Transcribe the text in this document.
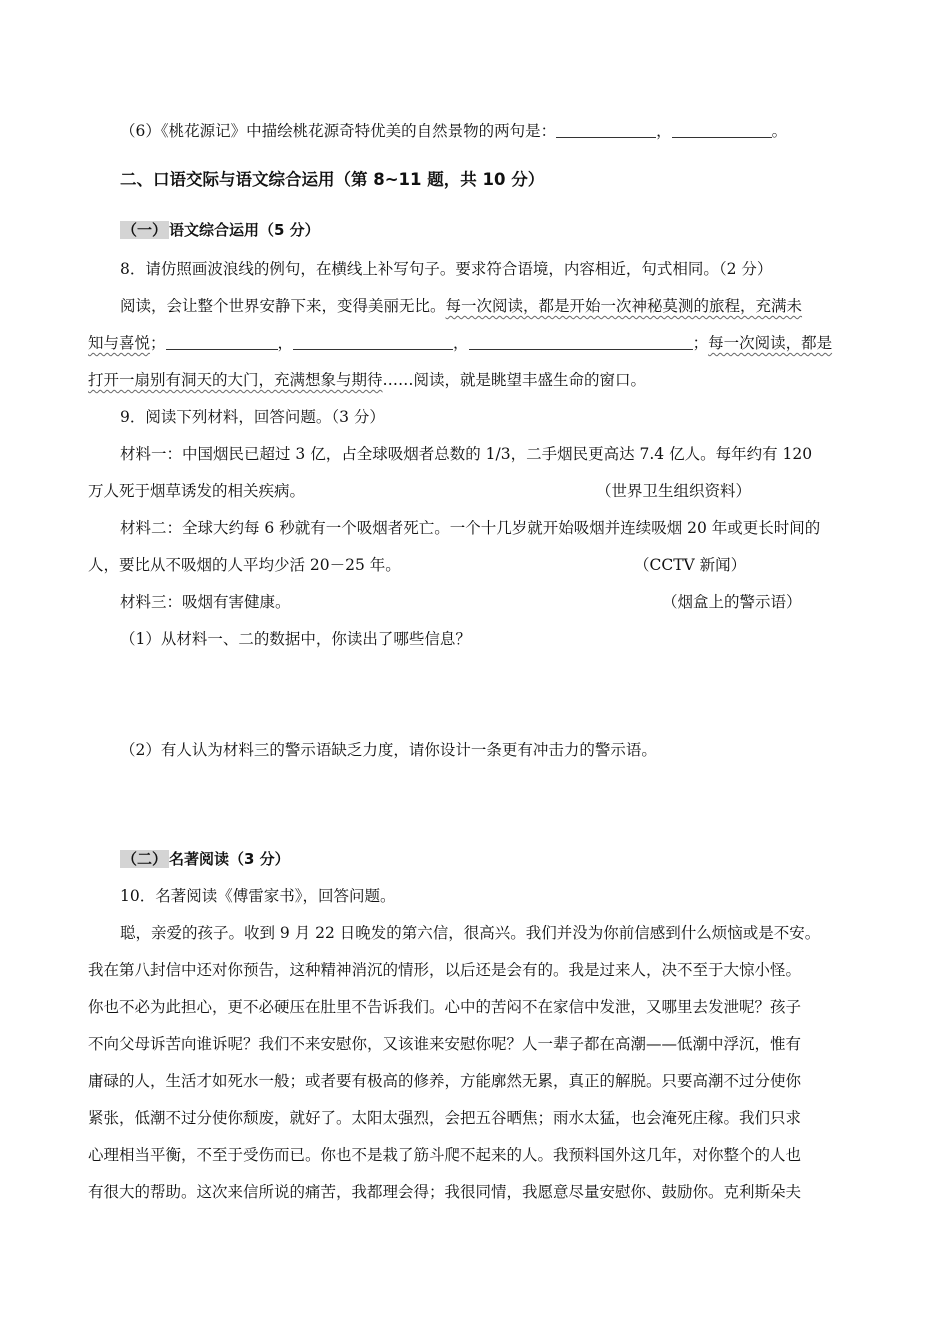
（6）《桃花源记》中描绘桃花源奇特优美的自然景物的两句是：	，	。
二、口语交际与语文综合运用（第 8~11 题，共 10 分）
（一） 语文综合运用（5 分）
8．请仿照画波浪线的例句，在横线上补写句子。要求符合语境，内容相近，句式相同。（2 分）
阅读，会让整个世界安静下来，变得美丽无比。每一次阅读，都是开始一次神秘莫测的旅程，充满未
知与喜悦；	，	，	；每一次阅读，都是
打开一扇别有洞天的大门，充满想象与期待……阅读，就是眺望丰盛生命的窗口。
9．阅读下列材料，回答问题。（3 分）
材料一：中国烟民已超过 3 亿，占全球吸烟者总数的 1/3，二手烟民更高达 7.4 亿人。每年约有 120
万人死于烟草诱发的相关疾病。	（世界卫生组织资料）
材料二：全球大约每 6 秒就有一个吸烟者死亡。一个十几岁就开始吸烟并连续吸烟 20 年或更长时间的
人，要比从不吸烟的人平均少活 20－25 年。	（CCTV 新闻）
材料三：吸烟有害健康。	（烟盒上的警示语）
（1）从材料一、二的数据中，你读出了哪些信息？
（2）有人认为材料三的警示语缺乏力度，请你设计一条更有冲击力的警示语。
（二） 名著阅读（3 分）
10．名著阅读《傅雷家书》，回答问题。
聪，亲爱的孩子。收到 9 月 22 日晚发的第六信，很高兴。我们并没为你前信感到什么烦恼或是不安。
我在第八封信中还对你预告，这种精神消沉的情形，以后还是会有的。我是过来人，决不至于大惊小怪。
你也不必为此担心，更不必硬压在肚里不告诉我们。心中的苦闷不在家信中发泄，又哪里去发泄呢？孩子
不向父母诉苦向谁诉呢？我们不来安慰你，又该谁来安慰你呢？人一辈子都在高潮——低潮中浮沉，惟有
庸碌的人，生活才如死水一般；或者要有极高的修养，方能廓然无累，真正的解脱。只要高潮不过分使你
紧张，低潮不过分使你颓废，就好了。太阳太强烈，会把五谷晒焦；雨水太猛，也会淹死庄稼。我们只求
心理相当平衡，不至于受伤而已。你也不是栽了筋斗爬不起来的人。我预料国外这几年，对你整个的人也
有很大的帮助。这次来信所说的痛苦，我都理会得；我很同情，我愿意尽量安慰你、鼓励你。克利斯朵夫
